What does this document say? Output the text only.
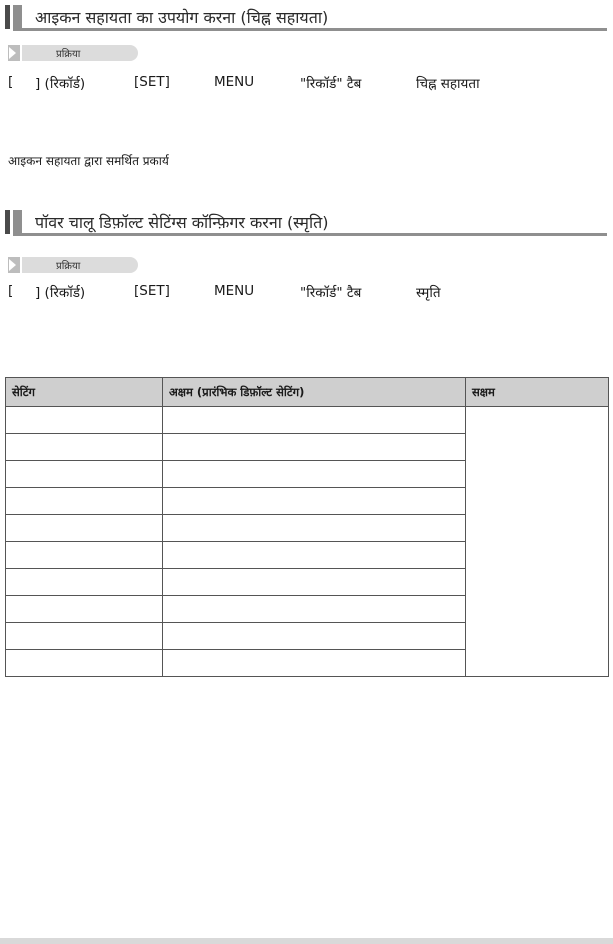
आइकन सहायता का उपयोग करना (चिह्न सहायता)
प्रक्रिया
[ ] (रिकॉर्ड)	[SET]	MENU	"रिकॉर्ड" टैब	चिह्न सहायता
आइकन सहायता द्वारा समर्थित प्रकार्य
पॉवर चालू डिफ़ॉल्ट सेटिंग्स कॉन्फ़िगर करना (स्मृति)
प्रक्रिया
[ ] (रिकॉर्ड)	[SET]	MENU	"रिकॉर्ड" टैब	स्मृति
सेटिंग	अक्षम (प्रारंभिक डिफ़ॉल्ट सेटिंग)	सक्षम
